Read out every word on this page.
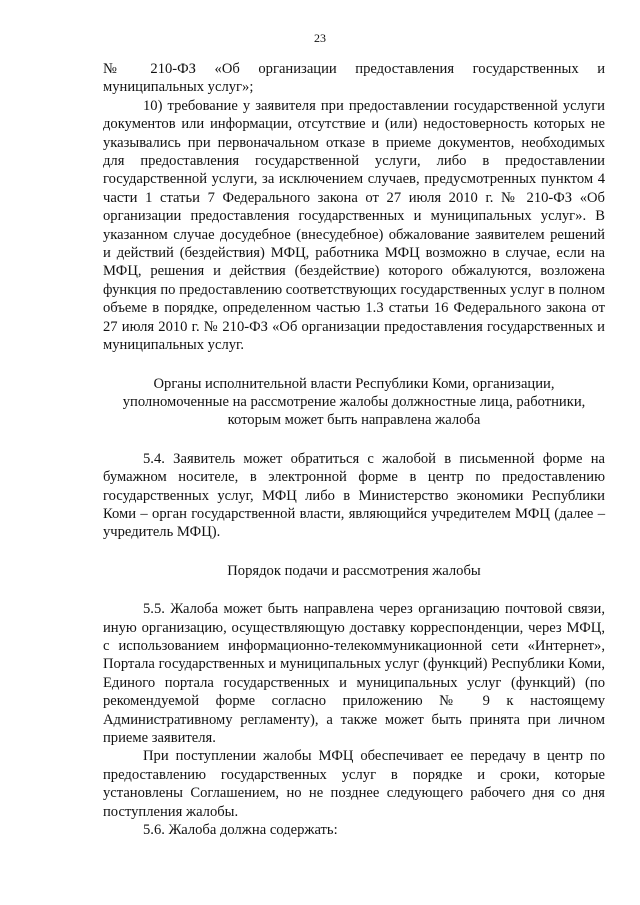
23

№ 210-ФЗ «Об организации предоставления государственных и муниципальных услуг»;

10) требование у заявителя при предоставлении государственной услуги документов или информации, отсутствие и (или) недостоверность которых не указывались при первоначальном отказе в приеме документов, необходимых для предоставления государственной услуги, либо в предоставлении государственной услуги, за исключением случаев, предусмотренных пунктом 4 части 1 статьи 7 Федерального закона от 27 июля 2010 г. № 210-ФЗ «Об организации предоставления государственных и муниципальных услуг». В указанном случае досудебное (внесудебное) обжалование заявителем решений и действий (бездействия) МФЦ, работника МФЦ возможно в случае, если на МФЦ, решения и действия (бездействие) которого обжалуются, возложена функция по предоставлению соответствующих государственных услуг в полном объеме в порядке, определенном частью 1.3 статьи 16 Федерального закона от 27 июля 2010 г. № 210-ФЗ «Об организации предоставления государственных и муниципальных услуг.

Органы исполнительной власти Республики Коми, организации, уполномоченные на рассмотрение жалобы должностные лица, работники, которым может быть направлена жалоба

5.4. Заявитель может обратиться с жалобой в письменной форме на бумажном носителе, в электронной форме в центр по предоставлению государственных услуг, МФЦ либо в Министерство экономики Республики Коми – орган государственной власти, являющийся учредителем МФЦ (далее – учредитель МФЦ).

Порядок подачи и рассмотрения жалобы

5.5. Жалоба может быть направлена через организацию почтовой связи, иную организацию, осуществляющую доставку корреспонденции, через МФЦ, с использованием информационно-телекоммуникационной сети «Интернет», Портала государственных и муниципальных услуг (функций) Республики Коми, Единого портала государственных и муниципальных услуг (функций) (по рекомендуемой форме согласно приложению № 9 к настоящему Административному регламенту), а также может быть принята при личном приеме заявителя.

При поступлении жалобы МФЦ обеспечивает ее передачу в центр по предоставлению государственных услуг в порядке и сроки, которые установлены Соглашением, но не позднее следующего рабочего дня со дня поступления жалобы.

5.6. Жалоба должна содержать:
